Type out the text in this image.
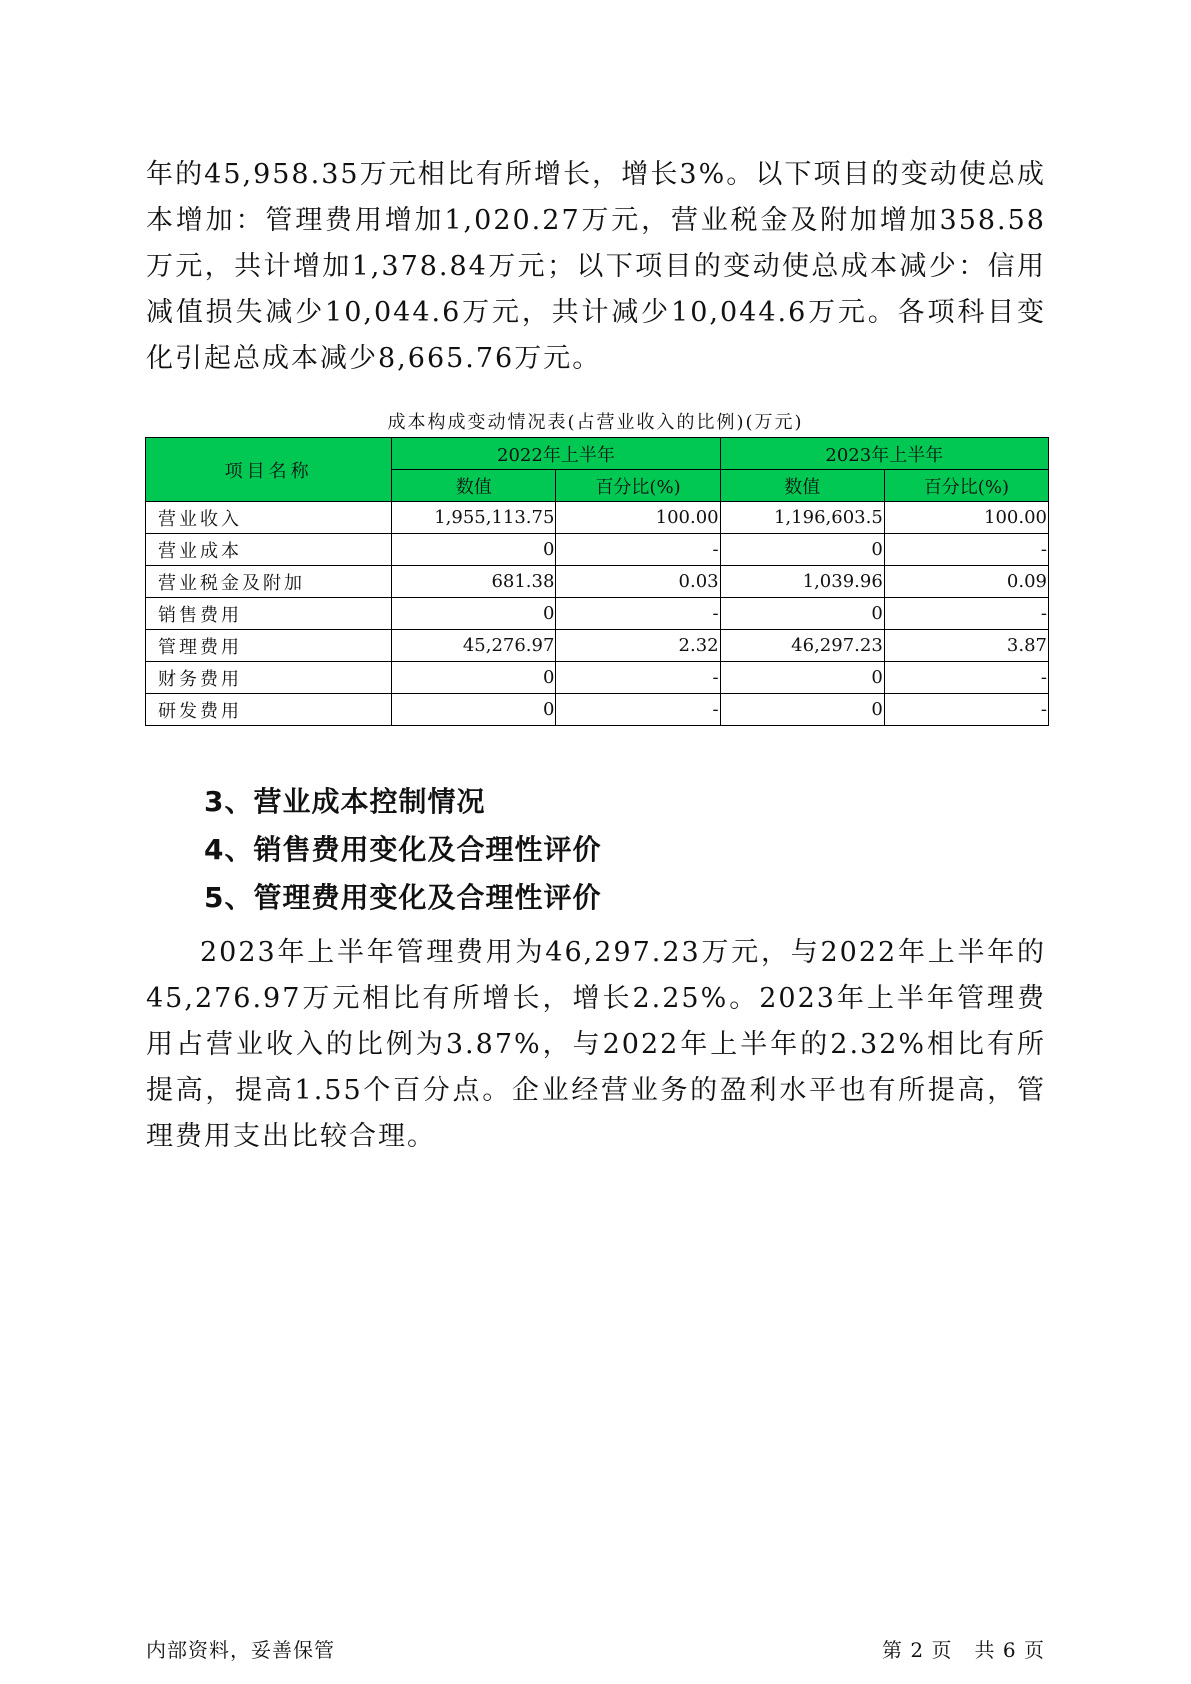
年的45,958.35万元相比有所增长，增长3%。以下项目的变动使总成本增加：管理费用增加1,020.27万元，营业税金及附加增加358.58万元，共计增加1,378.84万元；以下项目的变动使总成本减少：信用减值损失减少10,044.6万元，共计减少10,044.6万元。各项科目变化引起总成本减少8,665.76万元。

成本构成变动情况表(占营业收入的比例)(万元)
项目名称	2022年上半年		2023年上半年	
	数值	百分比(%)	数值	百分比(%)
营业收入	1,955,113.75	100.00	1,196,603.5	100.00
营业成本	0	-	0	-
营业税金及附加	681.38	0.03	1,039.96	0.09
销售费用	0	-	0	-
管理费用	45,276.97	2.32	46,297.23	3.87
财务费用	0	-	0	-
研发费用	0	-	0	-
3、营业成本控制情况
4、销售费用变化及合理性评价
5、管理费用变化及合理性评价

2023年上半年管理费用为46,297.23万元，与2022年上半年的45,276.97万元相比有所增长，增长2.25%。2023年上半年管理费用占营业收入的比例为3.87%，与2022年上半年的2.32%相比有所提高，提高1.55个百分点。企业经营业务的盈利水平也有所提高，管理费用支出比较合理。

内部资料，妥善保管	第 2 页   共 6 页
